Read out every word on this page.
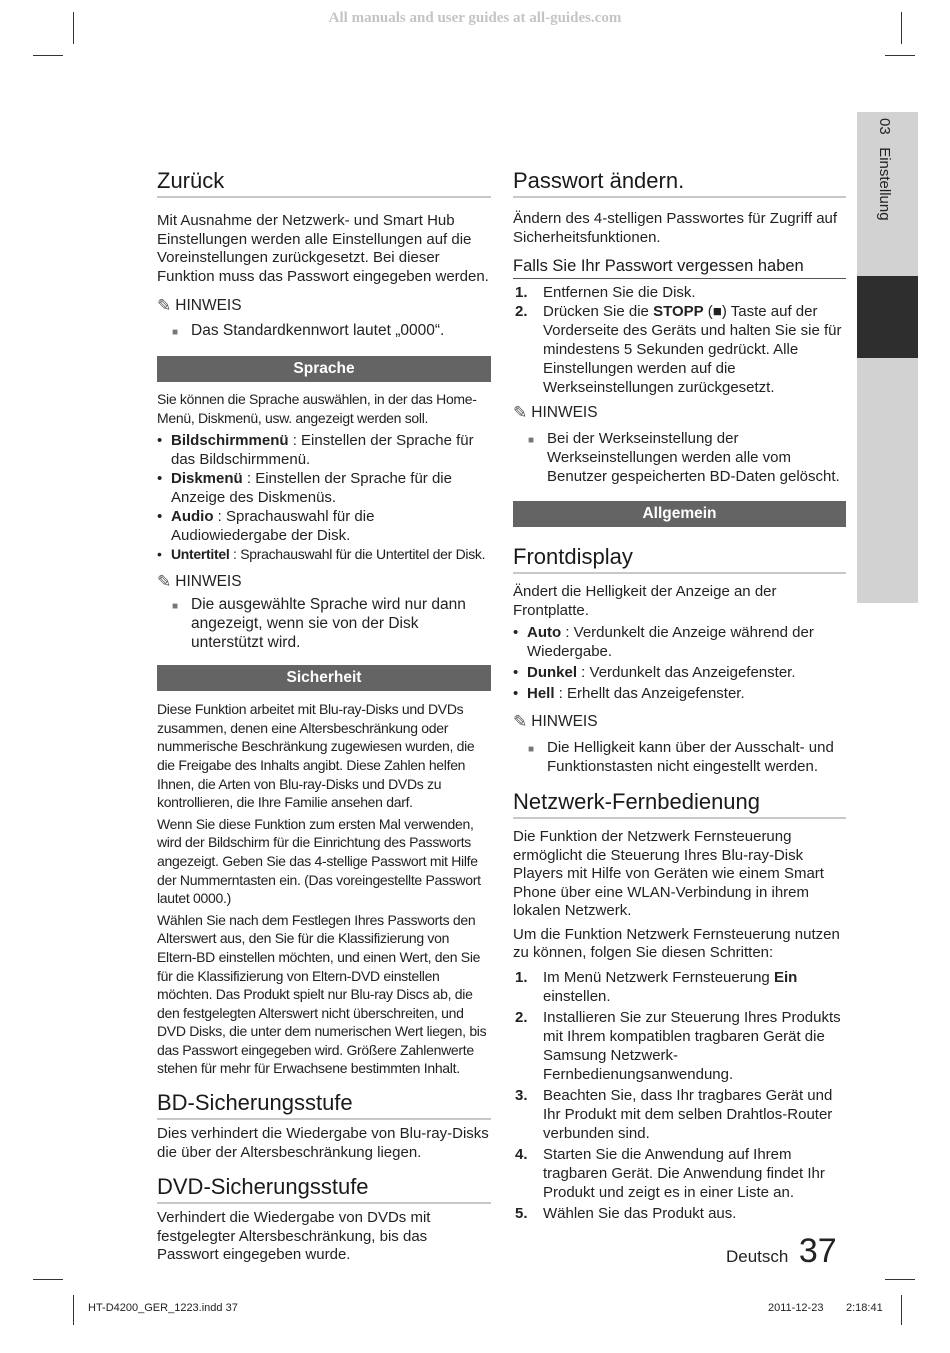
All manuals and user guides at all-guides.com
03   Einstellung
Zurück

Mit Ausnahme der Netzwerk- und Smart Hub Einstellungen werden alle Einstellungen auf die Voreinstellungen zurückgesetzt. Bei dieser Funktion muss das Passwort eingegeben werden.

✎ HINWEIS
■ Das Standardkennwort lautet „0000“.
Sprache

Sie können die Sprache auswählen, in der das Home-Menü, Diskmenü, usw. angezeigt werden soll.

• Bildschirmmenü : Einstellen der Sprache für das Bildschirmmenü.
• Diskmenü : Einstellen der Sprache für die Anzeige des Diskmenüs.
• Audio : Sprachauswahl für die Audiowiedergabe der Disk.
• Untertitel : Sprachauswahl für die Untertitel der Disk.
✎ HINWEIS
■ Die ausgewählte Sprache wird nur dann angezeigt, wenn sie von der Disk unterstützt wird.
Sicherheit

Diese Funktion arbeitet mit Blu-ray-Disks und DVDs zusammen, denen eine Altersbeschränkung oder nummerische Beschränkung zugewiesen wurden, die die Freigabe des Inhalts angibt. Diese Zahlen helfen Ihnen, die Arten von Blu-ray-Disks und DVDs zu kontrollieren, die Ihre Familie ansehen darf.

Wenn Sie diese Funktion zum ersten Mal verwenden, wird der Bildschirm für die Einrichtung des Passworts angezeigt. Geben Sie das 4-stellige Passwort mit Hilfe der Nummerntasten ein. (Das voreingestellte Passwort lautet 0000.)

Wählen Sie nach dem Festlegen Ihres Passworts den Alterswert aus, den Sie für die Klassifizierung von Eltern-BD einstellen möchten, und einen Wert, den Sie für die Klassifizierung von Eltern-DVD einstellen möchten. Das Produkt spielt nur Blu-ray Discs ab, die den festgelegten Alterswert nicht überschreiten, und DVD Disks, die unter dem numerischen Wert liegen, bis das Passwort eingegeben wird. Größere Zahlenwerte stehen für mehr für Erwachsene bestimmten Inhalt.

BD-Sicherungsstufe

Dies verhindert die Wiedergabe von Blu-ray-Disks die über der Altersbeschränkung liegen.

DVD-Sicherungsstufe

Verhindert die Wiedergabe von DVDs mit festgelegter Altersbeschränkung, bis das Passwort eingegeben wurde.

Passwort ändern.

Ändern des 4-stelligen Passwortes für Zugriff auf Sicherheitsfunktionen.

Falls Sie Ihr Passwort vergessen haben
1.	Entfernen Sie die Disk.
2.	Drücken Sie die STOPP (■) Taste auf der Vorderseite des Geräts und halten Sie sie für mindestens 5 Sekunden gedrückt. Alle Einstellungen werden auf die Werkseinstellungen zurückgesetzt.
✎ HINWEIS
■ Bei der Werkseinstellung der Werkseinstellungen werden alle vom Benutzer gespeicherten BD-Daten gelöscht.
Allgemein
Frontdisplay

Ändert die Helligkeit der Anzeige an der Frontplatte.

• Auto : Verdunkelt die Anzeige während der Wiedergabe.
• Dunkel : Verdunkelt das Anzeigefenster.
• Hell : Erhellt das Anzeigefenster.
✎ HINWEIS
■ Die Helligkeit kann über der Ausschalt- und Funktionstasten nicht eingestellt werden.
Netzwerk-Fernbedienung

Die Funktion der Netzwerk Fernsteuerung ermöglicht die Steuerung Ihres Blu-ray-Disk Players mit Hilfe von Geräten wie einem Smart Phone über eine WLAN-Verbindung in ihrem lokalen Netzwerk.

Um die Funktion Netzwerk Fernsteuerung nutzen zu können, folgen Sie diesen Schritten:

1.	Im Menü Netzwerk Fernsteuerung Ein einstellen.
2.	Installieren Sie zur Steuerung Ihres Produkts mit Ihrem kompatiblen tragbaren Gerät die Samsung Netzwerk-Fernbedienungsanwendung.
3.	Beachten Sie, dass Ihr tragbares Gerät und Ihr Produkt mit dem selben Drahtlos-Router verbunden sind.
4.	Starten Sie die Anwendung auf Ihrem tragbaren Gerät. Die Anwendung findet Ihr Produkt und zeigt es in einer Liste an.
5.	Wählen Sie das Produkt aus.
Deutsch 37
HT-D4200_GER_1223.indd 37	2011-12-23 2:18:41
